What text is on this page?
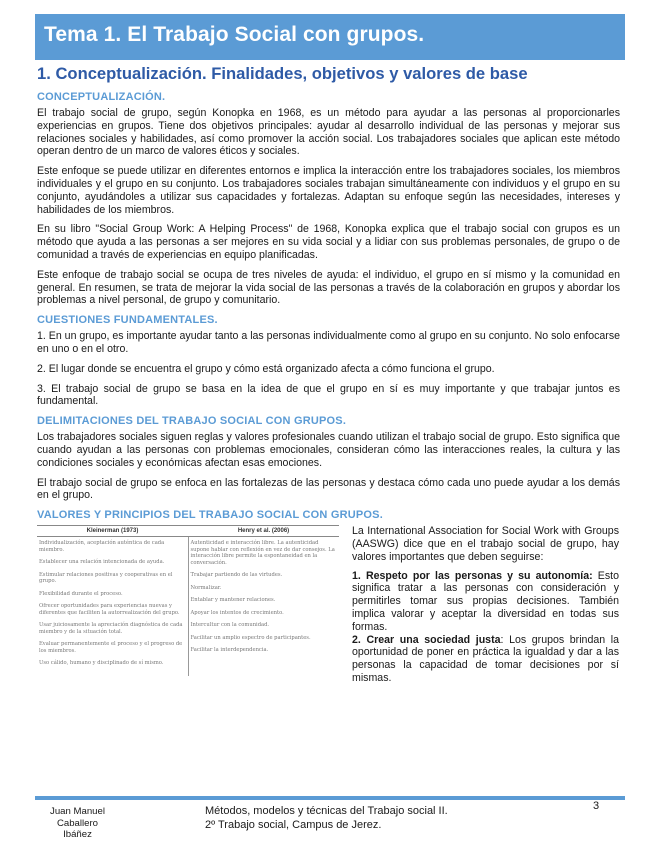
Tema 1. El Trabajo Social con grupos.
1. Conceptualización. Finalidades, objetivos y valores de base
CONCEPTUALIZACIÓN.

El trabajo social de grupo, según Konopka en 1968, es un método para ayudar a las personas al proporcionarles experiencias en grupos. Tiene dos objetivos principales: ayudar al desarrollo individual de las personas y mejorar sus relaciones sociales y habilidades, así como promover la acción social. Los trabajadores sociales que aplican este método operan dentro de un marco de valores éticos y sociales.

Este enfoque se puede utilizar en diferentes entornos e implica la interacción entre los trabajadores sociales, los miembros individuales y el grupo en su conjunto. Los trabajadores sociales trabajan simultáneamente con individuos y el grupo en su conjunto, ayudándoles a utilizar sus capacidades y fortalezas. Adaptan su enfoque según las necesidades, intereses y habilidades de los miembros.

En su libro "Social Group Work: A Helping Process" de 1968, Konopka explica que el trabajo social con grupos es un método que ayuda a las personas a ser mejores en su vida social y a lidiar con sus problemas personales, de grupo o de comunidad a través de experiencias en equipo planificadas.

Este enfoque de trabajo social se ocupa de tres niveles de ayuda: el individuo, el grupo en sí mismo y la comunidad en general. En resumen, se trata de mejorar la vida social de las personas a través de la colaboración en grupos y abordar los problemas a nivel personal, de grupo y comunitario.

CUESTIONES FUNDAMENTALES.

1. En un grupo, es importante ayudar tanto a las personas individualmente como al grupo en su conjunto. No solo enfocarse en uno o en el otro.

2. El lugar donde se encuentra el grupo y cómo está organizado afecta a cómo funciona el grupo.

3. El trabajo social de grupo se basa en la idea de que el grupo en sí es muy importante y que trabajar juntos es fundamental.

DELIMITACIONES DEL TRABAJO SOCIAL CON GRUPOS.

Los trabajadores sociales siguen reglas y valores profesionales cuando utilizan el trabajo social de grupo. Esto significa que cuando ayudan a las personas con problemas emocionales, consideran cómo las interacciones reales, la cultura y las condiciones sociales y económicas afectan esas emociones.

El trabajo social de grupo se enfoca en las fortalezas de las personas y destaca cómo cada uno puede ayudar a los demás en el grupo.

VALORES Y PRINCIPIOS DEL TRABAJO SOCIAL CON GRUPOS.
Kleinerman (1973)	Henry et al. (2006)
Individualización, aceptación auténtica de cada miembro.
Establecer una relación intencionada de ayuda.
Estimular relaciones positivas y cooperativas en el grupo.
Flexibilidad durante el proceso.
Ofrecer oportunidades para experiencias nuevas y diferentes que faciliten la autorrealización del grupo.
Usar juiciosamente la apreciación diagnóstica de cada miembro y de la situación total.
Evaluar permanentemente el proceso y el progreso de los miembros.
Uso cálido, humano y disciplinado de sí mismo.
Autenticidad e interacción libre. La autenticidad supone hablar con reflexión en vez de dar consejos. La interacción libre permite la espontaneidad en la conversación.
Trabajar partiendo de las virtudes.
Normalizar.
Entablar y mantener relaciones.
Apoyar los intentos de crecimiento.
Intercultur con la comunidad.
Facilitar un amplio espectro de participantes.
Facilitar la interdependencia.

La International Association for Social Work with Groups (AASWG) dice que en el trabajo social de grupo, hay valores importantes que deben seguirse:

1. Respeto por las personas y su autonomía: Esto significa tratar a las personas con consideración y permitirles tomar sus propias decisiones. También implica valorar y aceptar la diversidad en todas sus formas.

2. Crear una sociedad justa: Los grupos brindan la oportunidad de poner en práctica la igualdad y dar a las personas la capacidad de tomar decisiones por sí mismas.

Juan Manuel
Caballero
Ibáñez
Métodos, modelos y técnicas del Trabajo social II.
2º Trabajo social, Campus de Jerez.
3
